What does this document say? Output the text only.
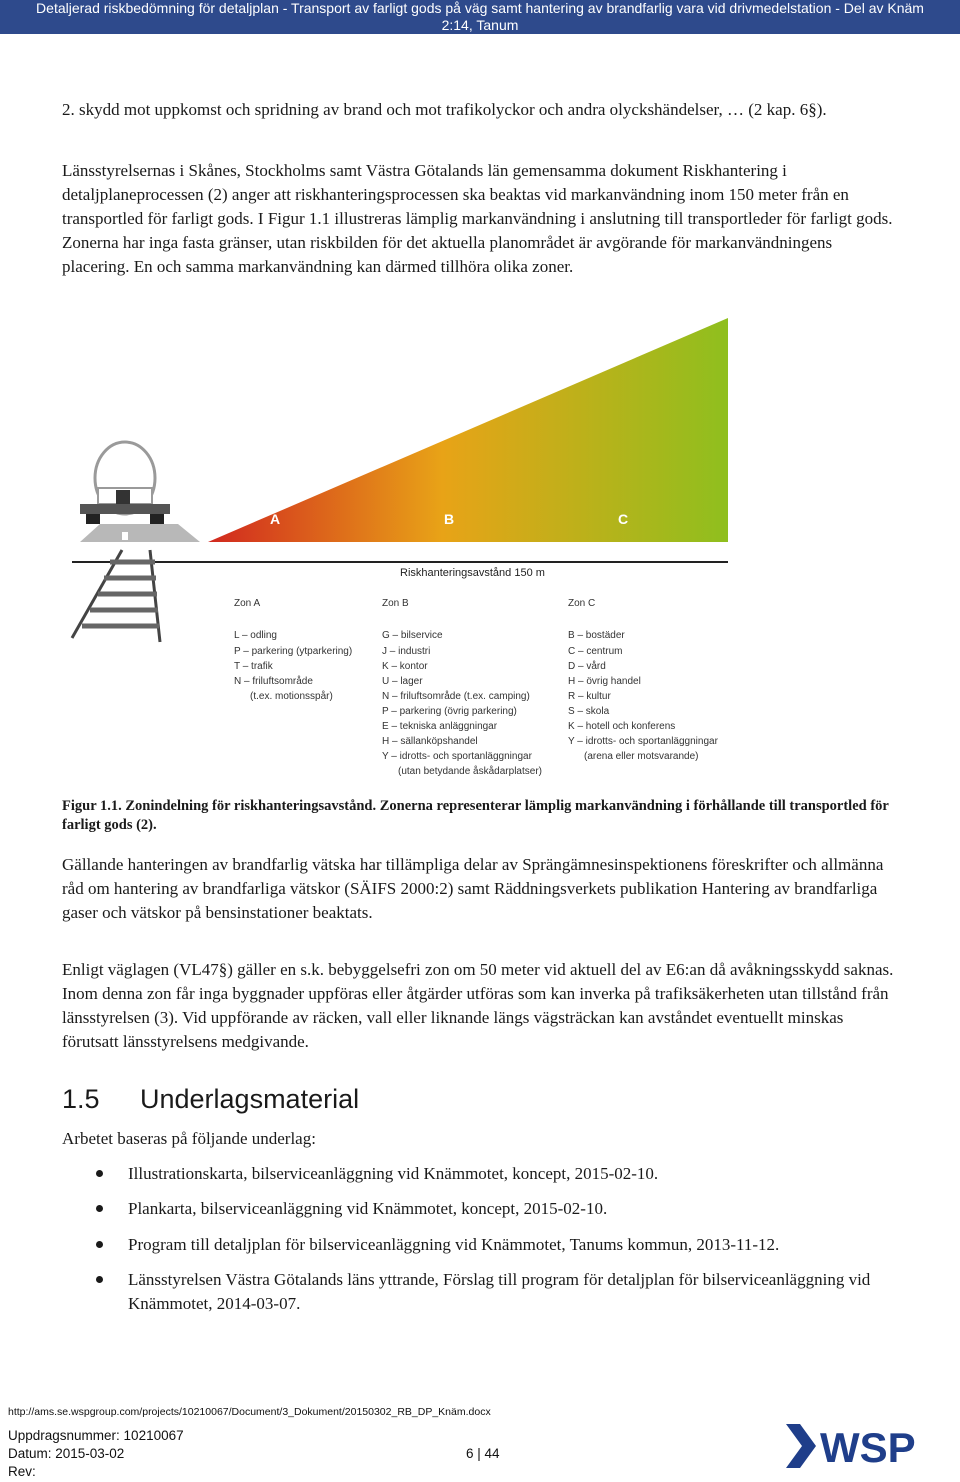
Detaljerad riskbedömning för detaljplan - Transport av farligt gods på väg samt hantering av brandfarlig vara vid drivmedelstation - Del av Knäm
2:14, Tanum

2. skydd mot uppkomst och spridning av brand och mot trafikolyckor och andra olyckshändelser, … (2 kap. 6§).

Länsstyrelsernas i Skånes, Stockholms samt Västra Götalands län gemensamma dokument Riskhantering i detaljplaneprocessen (2) anger att riskhanteringsprocessen ska beaktas vid markanvändning inom 150 meter från en transportled för farligt gods. I Figur 1.1 illustreras lämplig markanvändning i anslutning till transportleder för farligt gods. Zonerna har inga fasta gränser, utan riskbilden för det aktuella planområdet är avgörande för markanvändningens placering. En och samma markanvändning kan därmed tillhöra olika zoner.

A	B	C
Riskhanteringsavstånd 150 m
Zon A
L – odling
P – parkering (ytparkering)
T – trafik
N – friluftsområde
(t.ex. motionsspår)
Zon B
G – bilservice
J – industri
K – kontor
U – lager
N – friluftsområde (t.ex. camping)
P – parkering (övrig parkering)
E – tekniska anläggningar
H – sällanköpshandel
Y – idrotts- och sportanläggningar
(utan betydande åskådarplatser)
Zon C
B – bostäder
C – centrum
D – vård
H – övrig handel
R – kultur
S – skola
K – hotell och konferens
Y – idrotts- och sportanläggningar
(arena eller motsvarande)
Figur 1.1. Zonindelning för riskhanteringsavstånd. Zonerna representerar lämplig markanvändning i förhållande till transportled för farligt gods (2).

Gällande hanteringen av brandfarlig vätska har tillämpliga delar av Sprängämnesinspektionens föreskrifter och allmänna råd om hantering av brandfarliga vätskor (SÄIFS 2000:2) samt Räddningsverkets publikation Hantering av brandfarliga gaser och vätskor på bensinstationer beaktats.

Enligt väglagen (VL47§) gäller en s.k. bebyggelsefri zon om 50 meter vid aktuell del av E6:an då avåkningsskydd saknas. Inom denna zon får inga byggnader uppföras eller åtgärder utföras som kan inverka på trafiksäkerheten utan tillstånd från länsstyrelsen (3). Vid uppförande av räcken, vall eller liknande längs vägsträckan kan avståndet eventuellt minskas förutsatt länsstyrelsens medgivande.

1.5 Underlagsmaterial

Arbetet baseras på följande underlag:

Illustrationskarta, bilserviceanläggning vid Knämmotet, koncept, 2015-02-10.
Plankarta, bilserviceanläggning vid Knämmotet, koncept, 2015-02-10.
Program till detaljplan för bilserviceanläggning vid Knämmotet, Tanums kommun, 2013-11-12.
Länsstyrelsen Västra Götalands läns yttrande, Förslag till program för detaljplan för bilserviceanläggning vid Knämmotet, 2014-03-07.
http://ams.se.wspgroup.com/projects/10210067/Document/3_Dokument/20150302_RB_DP_Knäm.docx
Uppdragsnummer: 10210067
Datum: 2015-03-02
Rev:
6 | 44	WSP
